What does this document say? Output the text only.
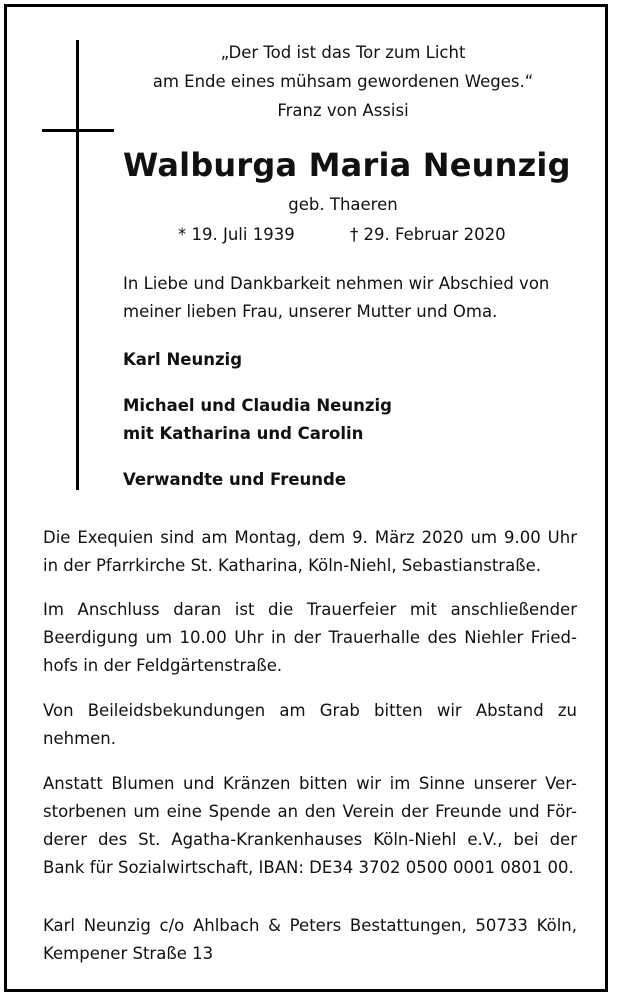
„Der Tod ist das Tor zum Licht
am Ende eines mühsam gewordenen Weges.“
Franz von Assisi
Walburga Maria Neunzig
geb. Thaeren
* 19. Juli 1939	† 29. Februar 2020
In Liebe und Dankbarkeit nehmen wir Abschied von
meiner lieben Frau, unserer Mutter und Oma.
Karl Neunzig
Michael und Claudia Neunzig
mit Katharina und Carolin
Verwandte und Freunde
Die Exequien sind am Montag, dem 9. März 2020 um 9.00 Uhr
in der Pfarrkirche St. Katharina, Köln-Niehl, Sebastianstraße.
Im Anschluss daran ist die Trauerfeier mit anschließender
Beerdigung um 10.00 Uhr in der Trauerhalle des Niehler Fried-
hofs in der Feldgärtenstraße.
Von Beileidsbekundungen am Grab bitten wir Abstand zu
nehmen.
Anstatt Blumen und Kränzen bitten wir im Sinne unserer Ver-
storbenen um eine Spende an den Verein der Freunde und För-
derer des St. Agatha-Krankenhauses Köln-Niehl e.V., bei der
Bank für Sozialwirtschaft, IBAN: DE34 3702 0500 0001 0801 00.
Karl Neunzig c/o Ahlbach & Peters Bestattungen, 50733 Köln,
Kempener Straße 13
